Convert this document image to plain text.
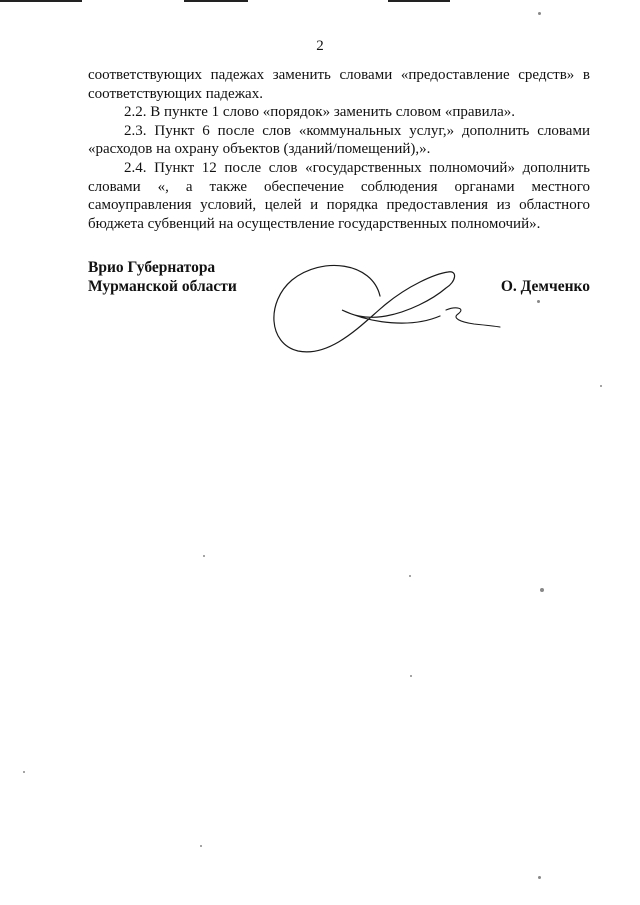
2

соответствующих падежах заменить словами «предоставление средств» в соответствующих падежах.

2.2. В пункте 1 слово «порядок» заменить словом «правила».

2.3. Пункт 6 после слов «коммунальных услуг,» дополнить словами «расходов на охрану объектов (зданий/помещений),».

2.4. Пункт 12 после слов «государственных полномочий» дополнить словами «, а также обеспечение соблюдения органами местного самоуправления условий, целей и порядка предоставления из областного бюджета субвенций на осуществление государственных полномочий».

Врио Губернатора
Мурманской области	О. Демченко
